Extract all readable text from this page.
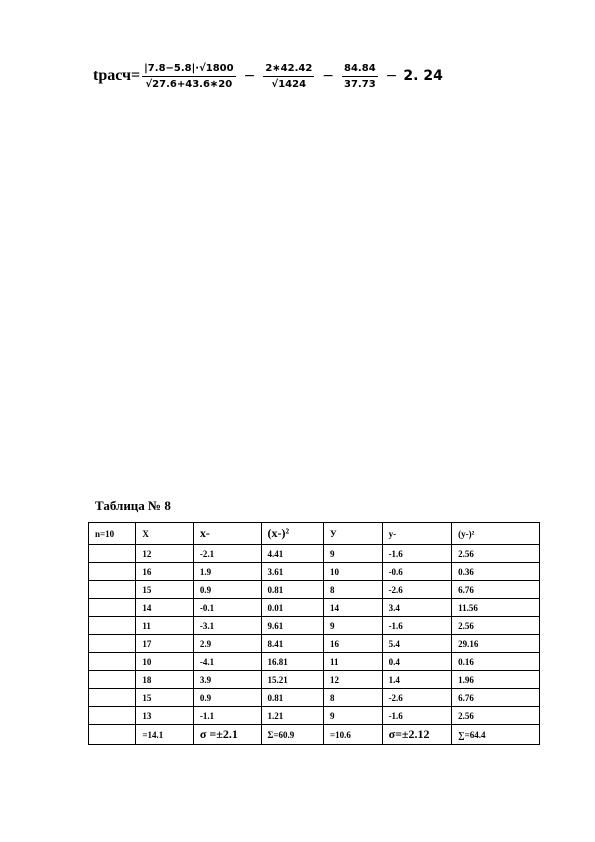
tрасч= $\frac{|7.8-5.8|\cdot√1800}{√27.6+43.6∗20} - \frac{2∗42.42}{√1424} - \frac{84.84}{37.73} - 2$. 24
Таблица № 8
n=10	X	x-	(x-)²	У	y-	(y-)²
	12	-2.1	4.41	9	-1.6	2.56
	16	1.9	3.61	10	-0.6	0.36
	15	0.9	0.81	8	-2.6	6.76
	14	-0.1	0.01	14	3.4	11.56
	11	-3.1	9.61	9	-1.6	2.56
	17	2.9	8.41	16	5.4	29.16
	10	-4.1	16.81	11	0.4	0.16
	18	3.9	15.21	12	1.4	1.96
	15	0.9	0.81	8	-2.6	6.76
	13	-1.1	1.21	9	-1.6	2.56
	=14.1	σ =±2.1	Σ=60.9	=10.6	σ=±2.12	∑=64.4
